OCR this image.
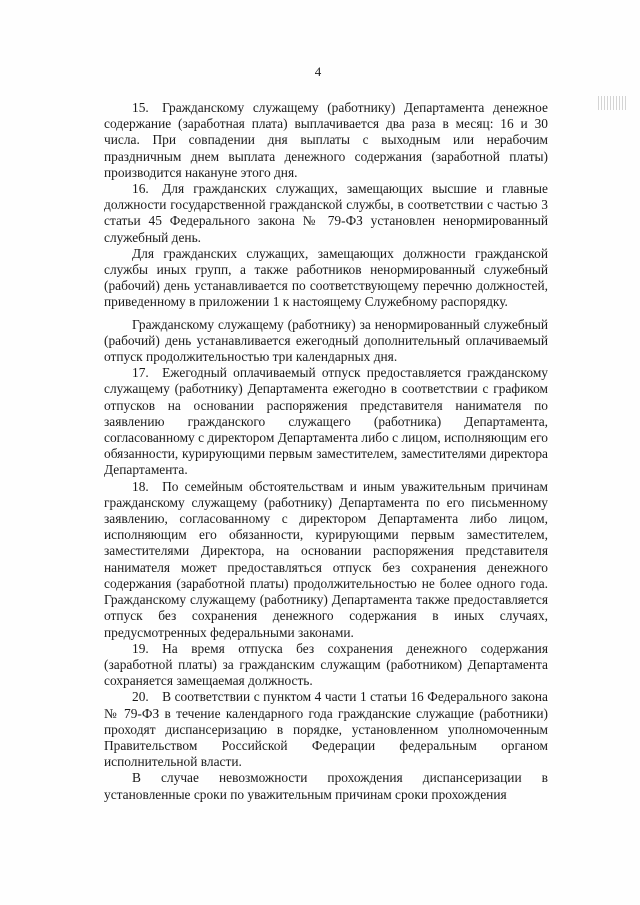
4

15. Гражданскому служащему (работнику) Департамента денежное содержание (заработная плата) выплачивается два раза в месяц: 16 и 30 числа. При совпадении дня выплаты с выходным или нерабочим праздничным днем выплата денежного содержания (заработной платы) производится накануне этого дня.

16. Для гражданских служащих, замещающих высшие и главные должности государственной гражданской службы, в соответствии с частью 3 статьи 45 Федерального закона № 79-ФЗ установлен ненормированный служебный день.

Для гражданских служащих, замещающих должности гражданской службы иных групп, а также работников ненормированный служебный (рабочий) день устанавливается по соответствующему перечню должностей, приведенному в приложении 1 к настоящему Служебному распорядку.

Гражданскому служащему (работнику) за ненормированный служебный (рабочий) день устанавливается ежегодный дополнительный оплачиваемый отпуск продолжительностью три календарных дня.

17. Ежегодный оплачиваемый отпуск предоставляется гражданскому служащему (работнику) Департамента ежегодно в соответствии с графиком отпусков на основании распоряжения представителя нанимателя по заявлению гражданского служащего (работника) Департамента, согласованному с директором Департамента либо с лицом, исполняющим его обязанности, курирующими первым заместителем, заместителями директора Департамента.

18. По семейным обстоятельствам и иным уважительным причинам гражданскому служащему (работнику) Департамента по его письменному заявлению, согласованному с директором Департамента либо лицом, исполняющим его обязанности, курирующими первым заместителем, заместителями Директора, на основании распоряжения представителя нанимателя может предоставляться отпуск без сохранения денежного содержания (заработной платы) продолжительностью не более одного года. Гражданскому служащему (работнику) Департамента также предоставляется отпуск без сохранения денежного содержания в иных случаях, предусмотренных федеральными законами.

19. На время отпуска без сохранения денежного содержания (заработной платы) за гражданским служащим (работником) Департамента сохраняется замещаемая должность.

20. В соответствии с пунктом 4 части 1 статьи 16 Федерального закона № 79-ФЗ в течение календарного года гражданские служащие (работники) проходят диспансеризацию в порядке, установленном уполномоченным Правительством Российской Федерации федеральным органом исполнительной власти.

В случае невозможности прохождения диспансеризации в установленные сроки по уважительным причинам сроки прохождения
